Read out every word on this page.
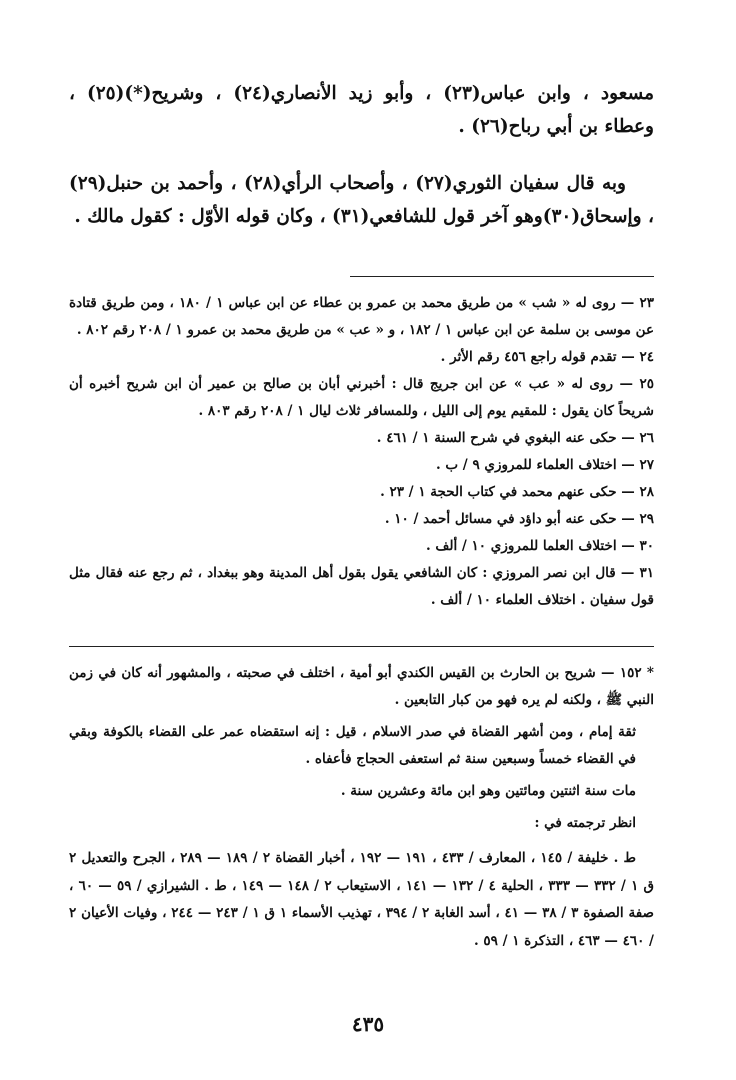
مسعود ، وابن عباس(٢٣) ، وأبو زيد الأنصاري(٢٤) ، وشريح(*)(٢٥) ، وعطاء بن أبي رباح(٢٦) .

وبه قال سفيان الثوري(٢٧) ، وأصحاب الرأي(٢٨) ، وأحمد بن حنبل(٢٩) ، وإسحاق(٣٠)وهو آخر قول للشافعي(٣١) ، وكان قوله الأوّل : كقول مالك .

٢٣ — روى له « شب » من طريق محمد بن عمرو بن عطاء عن ابن عباس ١ / ١٨٠ ، ومن طريق قتادة عن موسى بن سلمة عن ابن عباس ١ / ١٨٢ ، و « عب » من طريق محمد بن عمرو ١ / ٢٠٨ رقم ٨٠٢ .

٢٤ — تقدم قوله راجع ٤٥٦ رقم الأثر .

٢٥ — روى له « عب » عن ابن جريج قال : أخبرني أبان بن صالح بن عمير أن ابن شريح أخبره أن شريحاً كان يقول : للمقيم يوم إلى الليل ، وللمسافر ثلاث ليال ١ / ٢٠٨ رقم ٨٠٣ .

٢٦ — حكى عنه البغوي في شرح السنة ١ / ٤٦١ .

٢٧ — اختلاف العلماء للمروزي ٩ / ب .

٢٨ — حكى عنهم محمد في كتاب الحجة ١ / ٢٣ .

٢٩ — حكى عنه أبو داؤد في مسائل أحمد / ١٠ .

٣٠ — اختلاف العلما للمروزي ١٠ / ألف .

٣١ — قال ابن نصر المروزي : كان الشافعي يقول بقول أهل المدينة وهو ببغداد ، ثم رجع عنه فقال مثل قول سفيان . اختلاف العلماء ١٠ / ألف .

* ١٥٢ — شريح بن الحارث بن القيس الكندي أبو أمية ، اختلف في صحبته ، والمشهور أنه كان في زمن النبي ﷺ ، ولكنه لم يره فهو من كبار التابعين .

ثقة إمام ، ومن أشهر القضاة في صدر الاسلام ، قيل : إنه استقضاه عمر على القضاء بالكوفة وبقي في القضاء خمساً وسبعين سنة ثم استعفى الحجاج فأعفاه .

مات سنة اثنتين ومائتين وهو ابن مائة وعشرين سنة .

انظر ترجمته في :

ط . خليفة / ١٤٥ ، المعارف / ٤٣٣ ، ١٩١ — ١٩٢ ، أخبار القضاة ٢ / ١٨٩ — ٢٨٩ ، الجرح والتعديل ٢ ق ١ / ٣٣٢ — ٣٣٣ ، الحلية ٤ / ١٣٢ — ١٤١ ، الاستيعاب ٢ / ١٤٨ — ١٤٩ ، ط . الشيرازي / ٥٩ — ٦٠ ، صفة الصفوة ٣ / ٣٨ — ٤١ ، أسد الغابة ٢ / ٣٩٤ ، تهذيب الأسماء ١ ق ١ / ٢٤٣ — ٢٤٤ ، وفيات الأعيان ٢ / ٤٦٠ — ٤٦٣ ، التذكرة ١ / ٥٩ .

٤٣٥
